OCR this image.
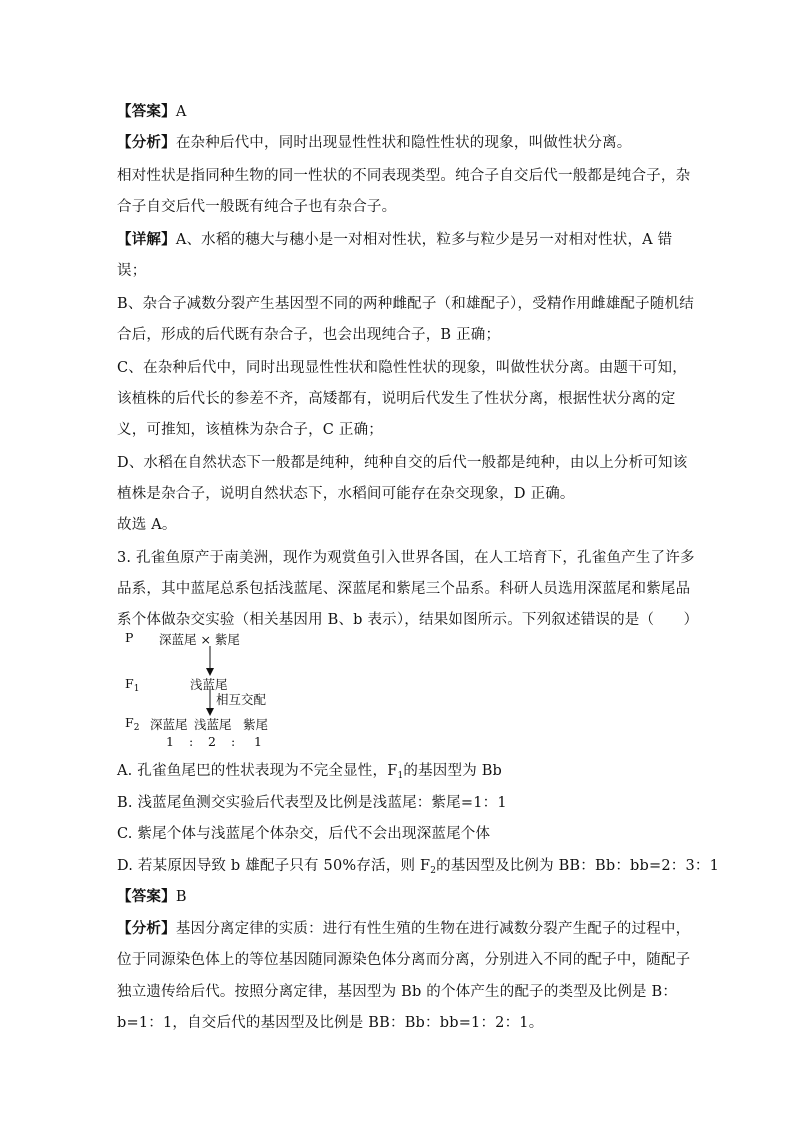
【答案】A
【分析】在杂种后代中，同时出现显性性状和隐性性状的现象，叫做性状分离。
相对性状是指同种生物的同一性状的不同表现类型。纯合子自交后代一般都是纯合子，杂
合子自交后代一般既有纯合子也有杂合子。
【详解】A、水稻的穗大与穗小是一对相对性状，粒多与粒少是另一对相对性状，A 错
误；
B、杂合子减数分裂产生基因型不同的两种雌配子（和雄配子），受精作用雌雄配子随机结
合后，形成的后代既有杂合子，也会出现纯合子，B 正确；
C、在杂种后代中，同时出现显性性状和隐性性状的现象，叫做性状分离。由题干可知，
该植株的后代长的参差不齐，高矮都有，说明后代发生了性状分离，根据性状分离的定
义，可推知，该植株为杂合子，C 正确；
D、水稻在自然状态下一般都是纯种，纯种自交的后代一般都是纯种，由以上分析可知该
植株是杂合子，说明自然状态下，水稻间可能存在杂交现象，D 正确。
故选 A。
3. 孔雀鱼原产于南美洲，现作为观赏鱼引入世界各国，在人工培育下，孔雀鱼产生了许多
品系，其中蓝尾总系包括浅蓝尾、深蓝尾和紫尾三个品系。科研人员选用深蓝尾和紫尾品
系个体做杂交实验（相关基因用 B、b 表示），结果如图所示。下列叙述错误的是（　　）
P 深蓝尾 × 紫尾
$F_1$	浅蓝尾
相互交配
$F_2$ 深蓝尾 浅蓝尾 紫尾
1 : 2 : 1
A. 孔雀鱼尾巴的性状表现为不完全显性，$F_1$的基因型为 Bb
B. 浅蓝尾鱼测交实验后代表型及比例是浅蓝尾：紫尾=1：1
C. 紫尾个体与浅蓝尾个体杂交，后代不会出现深蓝尾个体
D. 若某原因导致 b 雄配子只有 50%存活，则 $F_2$的基因型及比例为 BB：Bb：bb=2：3：1
【答案】B
【分析】基因分离定律的实质：进行有性生殖的生物在进行减数分裂产生配子的过程中，
位于同源染色体上的等位基因随同源染色体分离而分离，分别进入不同的配子中，随配子
独立遗传给后代。按照分离定律，基因型为 Bb 的个体产生的配子的类型及比例是 B：
b=1：1，自交后代的基因型及比例是 BB：Bb：bb=1：2：1。
